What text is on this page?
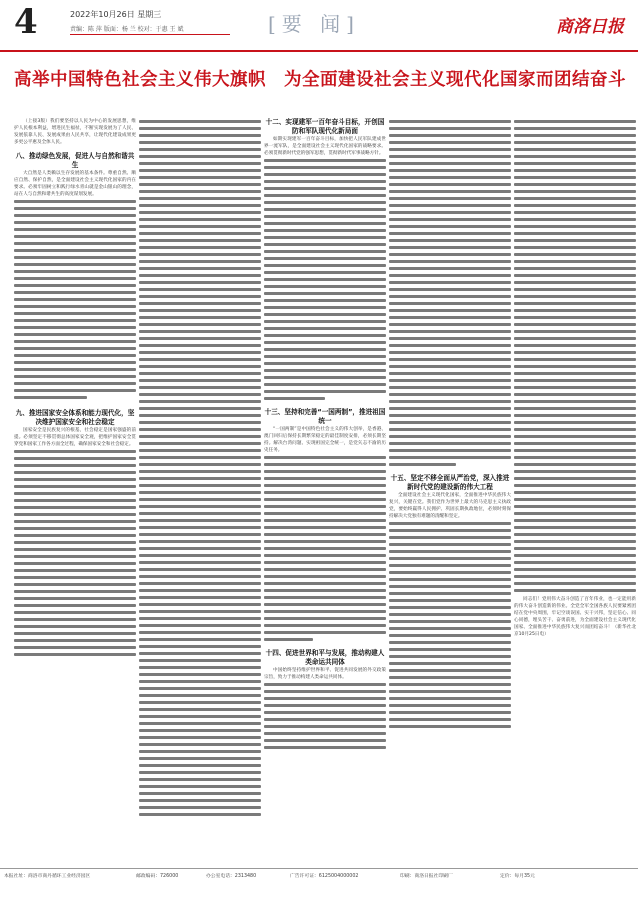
4	2022年10月26日 星期三
责编：陈 萍 版面：杨 兰 校对：于惠 王 斌	[要 闻]	商洛日报
高举中国特色社会主义伟大旗帜　为全面建设社会主义现代化国家而团结奋斗

（上接3版）我们要坚持以人民为中心的发展思想，维护人民根本利益，增进民生福祉，不断实现发展为了人民、发展依靠人民、发展成果由人民共享，让现代化建设成果更多更公平惠及全体人民。

八、推动绿色发展，促进人与自然和谐共生

大自然是人类赖以生存发展的基本条件。尊重自然、顺应自然、保护自然，是全面建设社会主义现代化国家的内在要求。必须牢固树立和践行绿水青山就是金山银山的理念，站在人与自然和谐共生的高度谋划发展。

九、推进国家安全体系和能力现代化，坚决维护国家安全和社会稳定

国家安全是民族复兴的根基，社会稳定是国家强盛的前提。必须坚定不移贯彻总体国家安全观，把维护国家安全贯穿党和国家工作各方面全过程，确保国家安全和社会稳定。

十二、实现建军一百年奋斗目标，开创国防和军队现代化新局面

如期实现建军一百年奋斗目标，加快把人民军队建成世界一流军队，是全面建设社会主义现代化国家的战略要求。必须贯彻新时代党的强军思想，贯彻新时代军事战略方针。

十三、坚持和完善“一国两制”，推进祖国统一

“一国两制”是中国特色社会主义的伟大创举，是香港、澳门回归后保持长期繁荣稳定的最佳制度安排，必须长期坚持。解决台湾问题、实现祖国完全统一，是党矢志不渝的历史任务。

十四、促进世界和平与发展，推动构建人类命运共同体

中国始终坚持维护世界和平、促进共同发展的外交政策宗旨，致力于推动构建人类命运共同体。

十五、坚定不移全面从严治党，深入推进新时代党的建设新的伟大工程

全面建设社会主义现代化国家，全面推进中华民族伟大复兴，关键在党。我们党作为世界上最大的马克思主义执政党，要始终赢得人民拥护、巩固长期执政地位，必须时刻保持解决大党独有难题的清醒和坚定。

同志们！党用伟大奋斗创造了百年伟业，也一定能用新的伟大奋斗创造新的伟业。全党全军全国各族人民要紧密团结在党中央周围，牢记空谈误国、实干兴邦，坚定信心、同心同德，埋头苦干、奋勇前进，为全面建设社会主义现代化国家、全面推进中华民族伟大复兴而团结奋斗！（新华社北京10月25日电）

本报社址：商洛市商丹循环工业经济园区	邮政编码：726000	办公室电话：2313480	广告许可证：6125004000002	印刷：商洛日报社印刷厂	定价：每月35元
